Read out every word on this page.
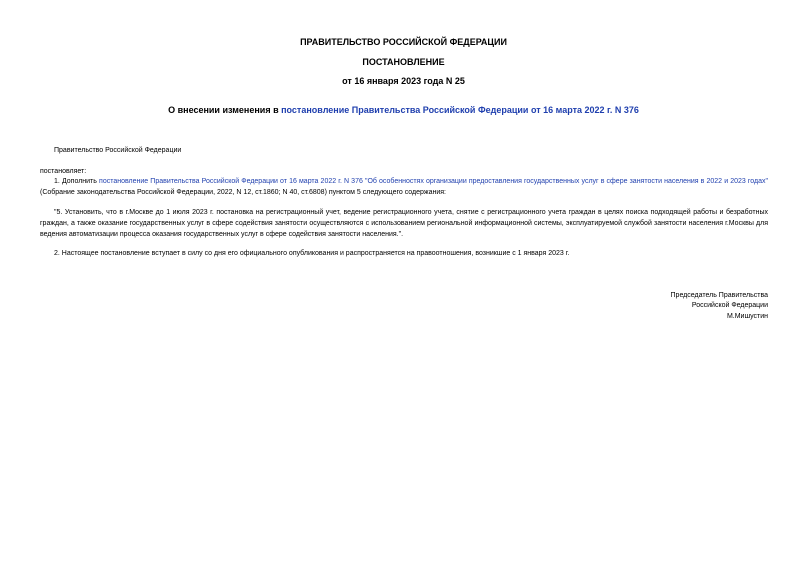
ПРАВИТЕЛЬСТВО РОССИЙСКОЙ ФЕДЕРАЦИИ
ПОСТАНОВЛЕНИЕ
от 16 января 2023 года N 25
О внесении изменения в постановление Правительства Российской Федерации от 16 марта 2022 г. N 376
Правительство Российской Федерации
постановляет:
1. Дополнить постановление Правительства Российской Федерации от 16 марта 2022 г. N 376 "Об особенностях организации предоставления государственных услуг в сфере занятости населения в 2022 и 2023 годах" (Собрание законодательства Российской Федерации, 2022, N 12, ст.1860; N 40, ст.6808) пунктом 5 следующего содержания:
"5. Установить, что в г.Москве до 1 июля 2023 г. постановка на регистрационный учет, ведение регистрационного учета, снятие с регистрационного учета граждан в целях поиска подходящей работы и безработных граждан, а также оказание государственных услуг в сфере содействия занятости осуществляются с использованием региональной информационной системы, эксплуатируемой службой занятости населения г.Москвы для ведения автоматизации процесса оказания государственных услуг в сфере содействия занятости населения.".
2. Настоящее постановление вступает в силу со дня его официального опубликования и распространяется на правоотношения, возникшие с 1 января 2023 г.
Председатель Правительства
Российской Федерации
М.Мишустин
